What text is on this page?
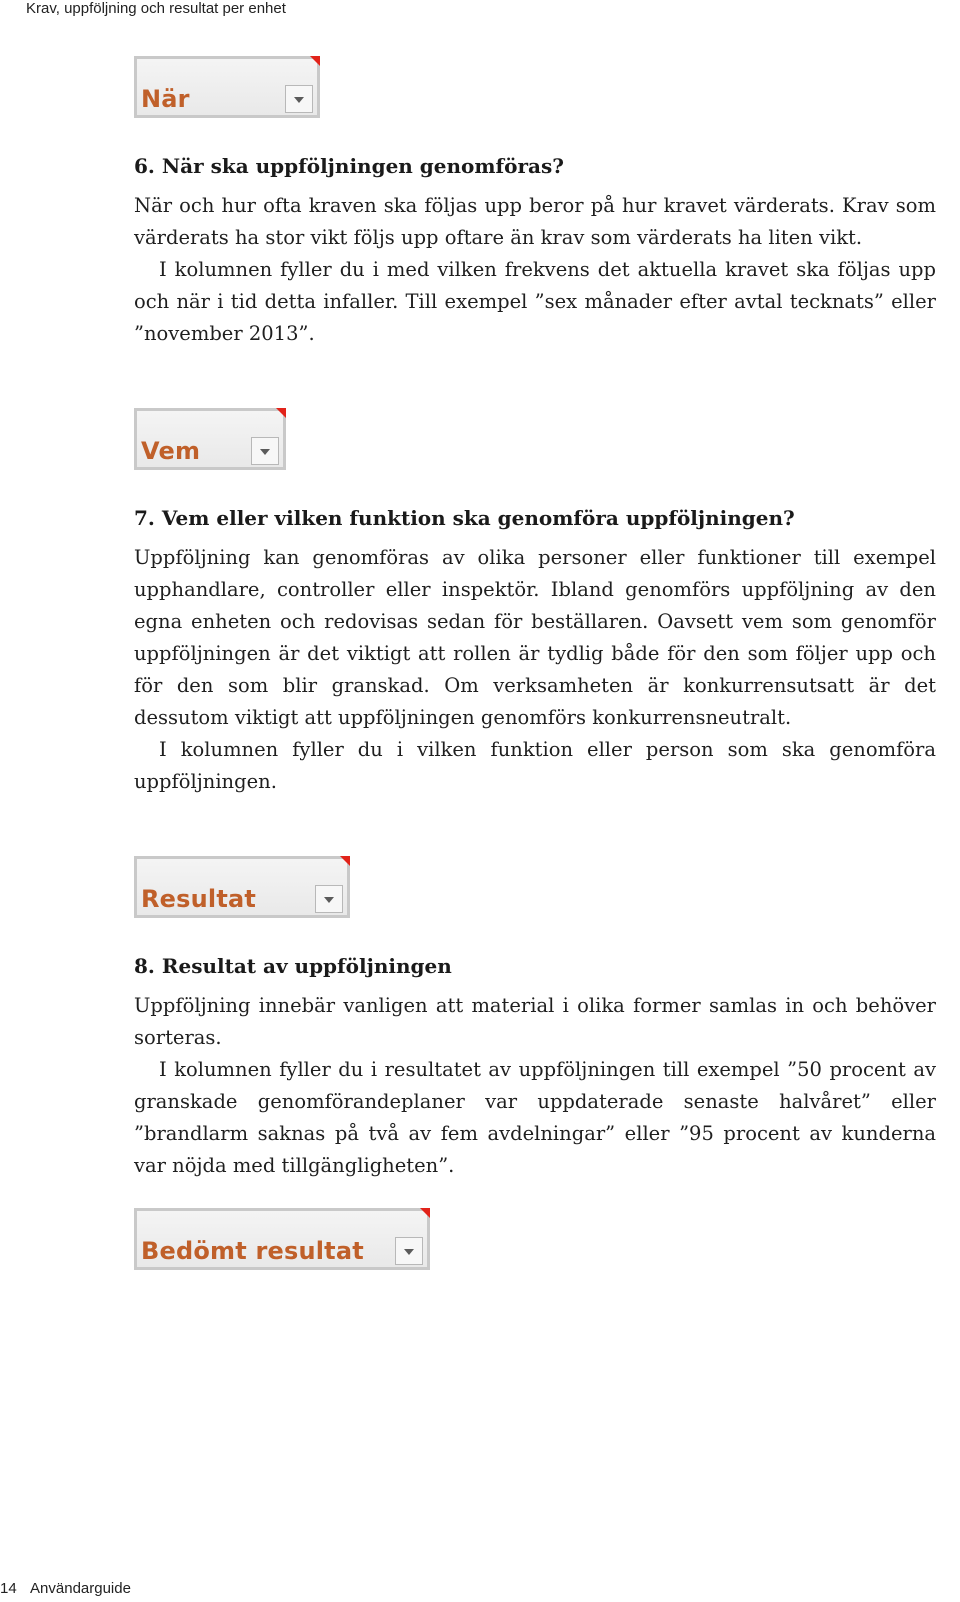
Krav, uppföljning och resultat per enhet
När
6. När ska uppföljningen genomföras?

När och hur ofta kraven ska följas upp beror på hur kravet värderats. Krav som värderats ha stor vikt följs upp oftare än krav som värderats ha liten vikt.

I kolumnen fyller du i med vilken frekvens det aktuella kravet ska följas upp och när i tid detta infaller. Till exempel ”sex månader efter avtal tecknats” eller ”november 2013”.

Vem
7. Vem eller vilken funktion ska genomföra uppföljningen?

Uppföljning kan genomföras av olika personer eller funktioner till exempel upphandlare, controller eller inspektör. Ibland genomförs uppföljning av den egna enheten och redovisas sedan för beställaren. Oavsett vem som genomför uppföljningen är det viktigt att rollen är tydlig både för den som följer upp och för den som blir granskad. Om verksamheten är konkurrensutsatt är det dessutom viktigt att uppföljningen genomförs konkurrensneutralt.

I kolumnen fyller du i vilken funktion eller person som ska genomföra uppföljningen.

Resultat
8. Resultat av uppföljningen

Uppföljning innebär vanligen att material i olika former samlas in och behöver sorteras.

I kolumnen fyller du i resultatet av uppföljningen till exempel ”50 procent av granskade genomförandeplaner var uppdaterade senaste halvåret” eller ”brandlarm saknas på två av fem avdelningar” eller ”95 procent av kunderna var nöjda med tillgängligheten”.

Bedömt resultat
14 Användarguide
